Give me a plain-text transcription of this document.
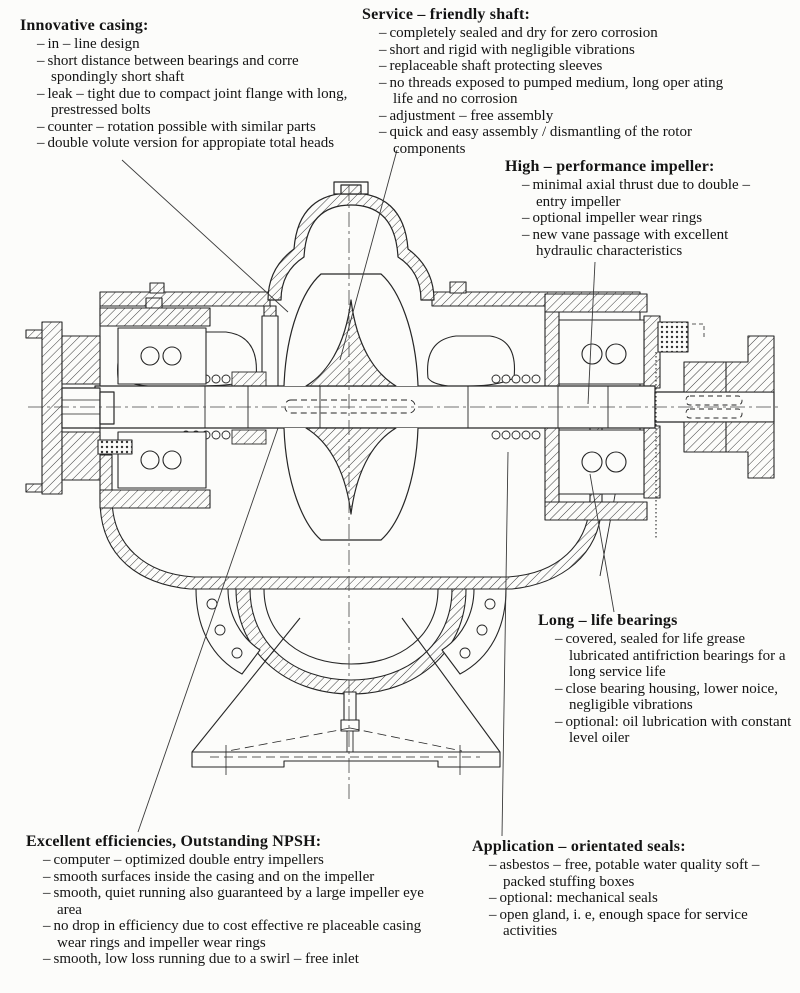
Innovative casing:
– in – line design
– short distance between bearings and corre spondingly short shaft
– leak – tight due to compact joint flange with long, prestressed bolts
– counter – rotation possible with similar parts
– double volute version for appropiate total heads
Service – friendly shaft:
– completely sealed and dry for zero corrosion
– short and rigid with negligible vibrations
– replaceable shaft protecting sleeves
– no threads exposed to pumped medium, long oper ating life and no corrosion
– adjustment – free assembly
– quick and easy assembly / dismantling of the rotor components
High – performance impeller:
– minimal axial thrust due to double – entry impeller
– optional impeller wear rings
– new vane passage with excellent hydraulic characteristics
Long – life bearings
– covered, sealed for life grease lubricated antifriction bearings for a long service life
– close bearing housing, lower noice, negligible vibrations
– optional: oil lubrication with constant level oiler
Excellent efficiencies, Outstanding NPSH:
– computer – optimized double entry impellers
– smooth surfaces inside the casing and on the impeller
– smooth, quiet running also guaranteed by a large impeller eye area
– no drop in efficiency due to cost effective re placeable casing wear rings and impeller wear rings
– smooth, low loss running due to a swirl – free inlet
Application – orientated seals:
– asbestos – free, potable water quality soft – packed stuffing boxes
– optional: mechanical seals
– open gland, i. e, enough space for service activities
